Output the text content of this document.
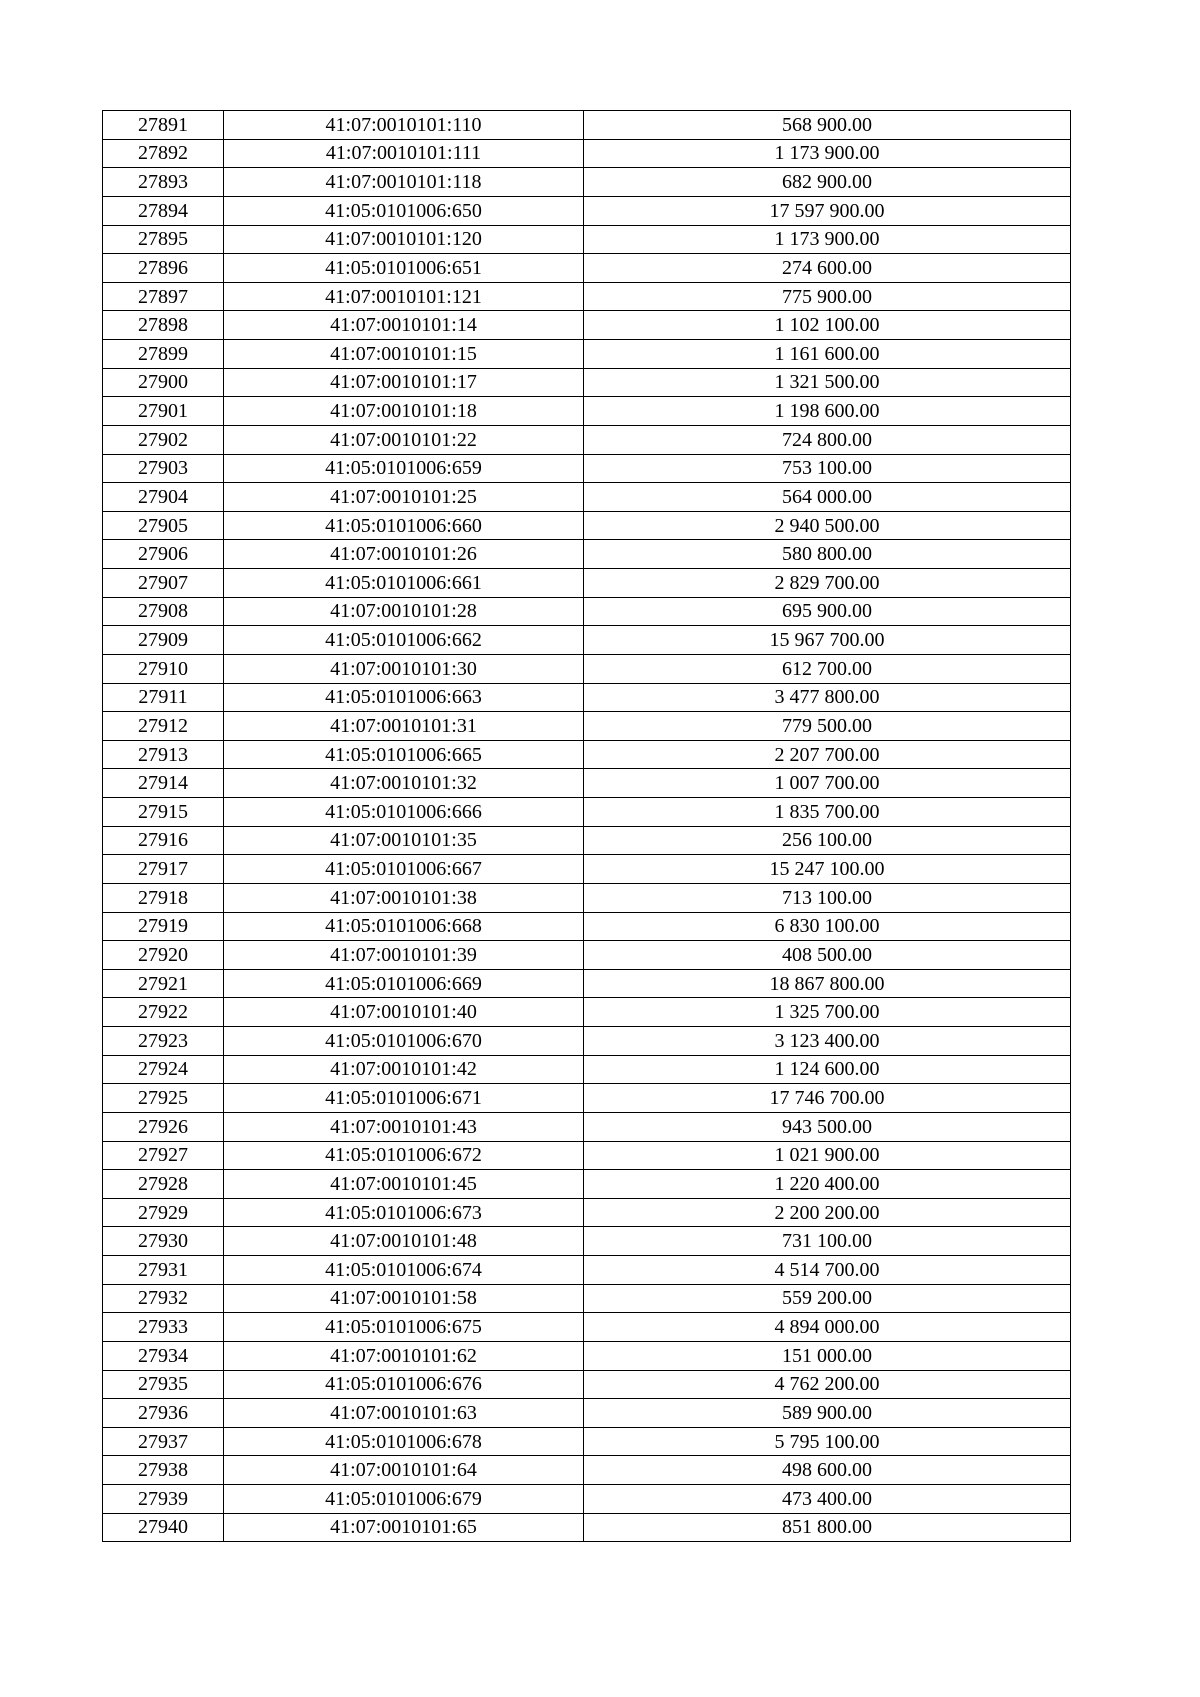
27891	41:07:0010101:110	568 900.00
27892	41:07:0010101:111	1 173 900.00
27893	41:07:0010101:118	682 900.00
27894	41:05:0101006:650	17 597 900.00
27895	41:07:0010101:120	1 173 900.00
27896	41:05:0101006:651	274 600.00
27897	41:07:0010101:121	775 900.00
27898	41:07:0010101:14	1 102 100.00
27899	41:07:0010101:15	1 161 600.00
27900	41:07:0010101:17	1 321 500.00
27901	41:07:0010101:18	1 198 600.00
27902	41:07:0010101:22	724 800.00
27903	41:05:0101006:659	753 100.00
27904	41:07:0010101:25	564 000.00
27905	41:05:0101006:660	2 940 500.00
27906	41:07:0010101:26	580 800.00
27907	41:05:0101006:661	2 829 700.00
27908	41:07:0010101:28	695 900.00
27909	41:05:0101006:662	15 967 700.00
27910	41:07:0010101:30	612 700.00
27911	41:05:0101006:663	3 477 800.00
27912	41:07:0010101:31	779 500.00
27913	41:05:0101006:665	2 207 700.00
27914	41:07:0010101:32	1 007 700.00
27915	41:05:0101006:666	1 835 700.00
27916	41:07:0010101:35	256 100.00
27917	41:05:0101006:667	15 247 100.00
27918	41:07:0010101:38	713 100.00
27919	41:05:0101006:668	6 830 100.00
27920	41:07:0010101:39	408 500.00
27921	41:05:0101006:669	18 867 800.00
27922	41:07:0010101:40	1 325 700.00
27923	41:05:0101006:670	3 123 400.00
27924	41:07:0010101:42	1 124 600.00
27925	41:05:0101006:671	17 746 700.00
27926	41:07:0010101:43	943 500.00
27927	41:05:0101006:672	1 021 900.00
27928	41:07:0010101:45	1 220 400.00
27929	41:05:0101006:673	2 200 200.00
27930	41:07:0010101:48	731 100.00
27931	41:05:0101006:674	4 514 700.00
27932	41:07:0010101:58	559 200.00
27933	41:05:0101006:675	4 894 000.00
27934	41:07:0010101:62	151 000.00
27935	41:05:0101006:676	4 762 200.00
27936	41:07:0010101:63	589 900.00
27937	41:05:0101006:678	5 795 100.00
27938	41:07:0010101:64	498 600.00
27939	41:05:0101006:679	473 400.00
27940	41:07:0010101:65	851 800.00
